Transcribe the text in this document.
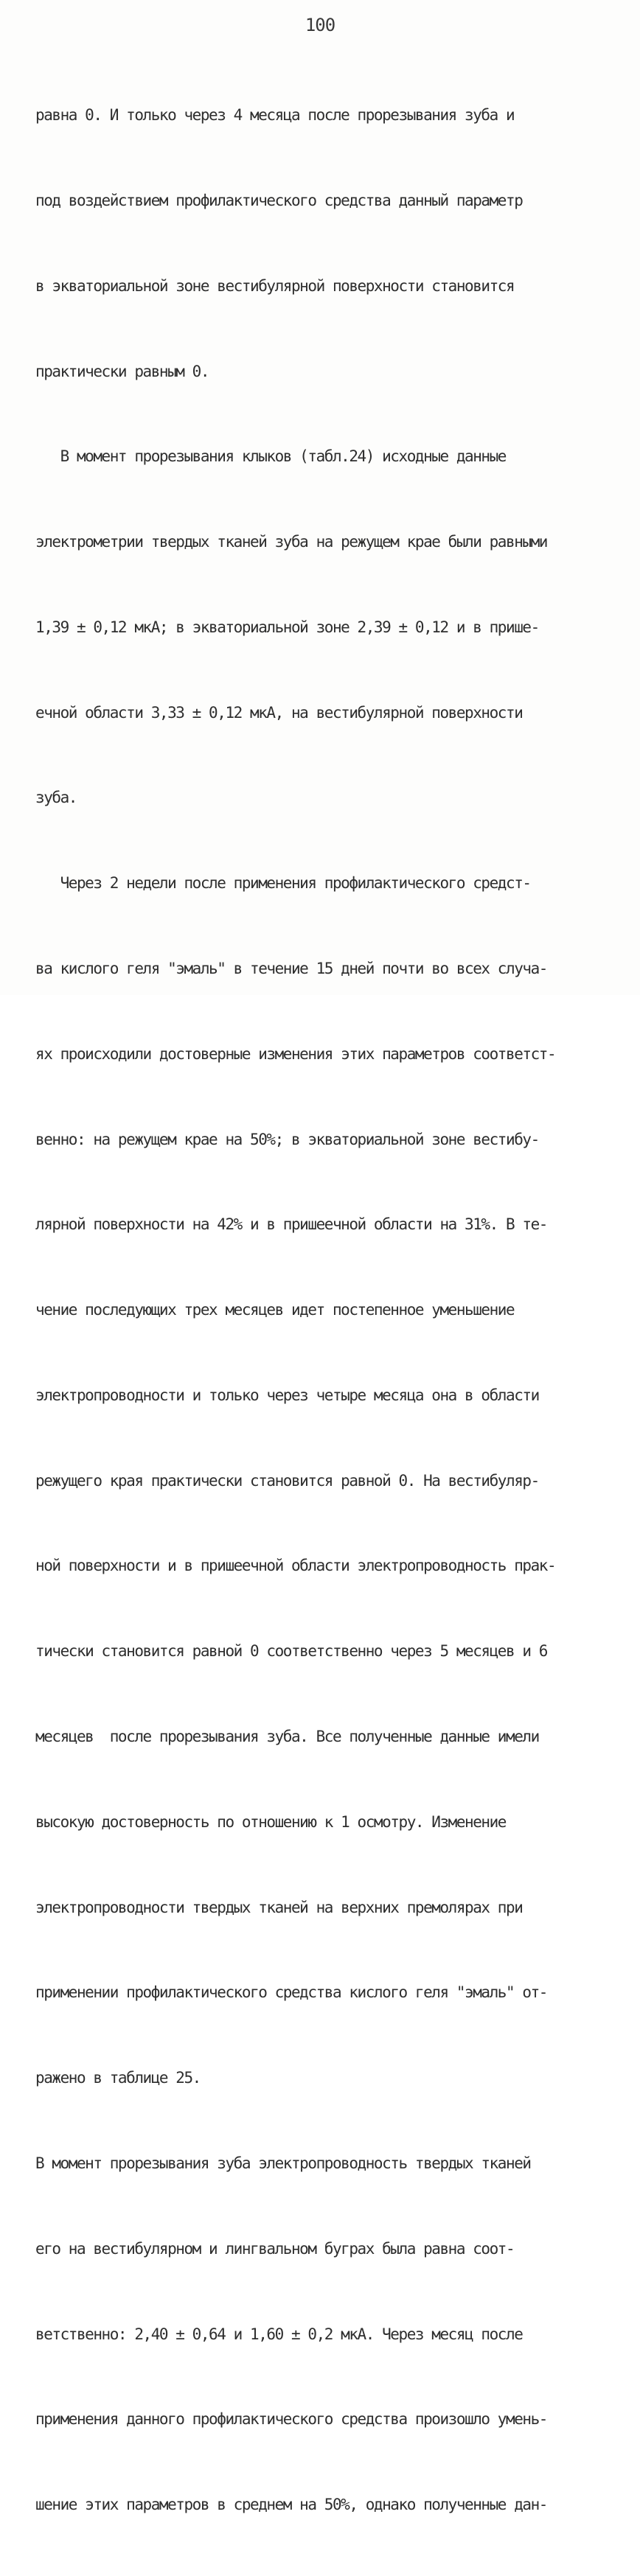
100

равна 0. И только через 4 месяца после прорезывания зуба и

под воздействием профилактического средства данный параметр

в экваториальной зоне вестибулярной поверхности становится

практически равным 0.

В момент прорезывания клыков (табл.24) исходные данные

электрометрии твердых тканей зуба на режущем крае были равными

1,39 ± 0,12 мкА; в экваториальной зоне 2,39 ± 0,12 и в прише-

ечной области 3,33 ± 0,12 мкА, на вестибулярной поверхности

зуба.

Через 2 недели после применения профилактического средст-

ва кислого геля "эмаль" в течение 15 дней почти во всех случа-

ях происходили достоверные изменения этих параметров соответст-

венно: на режущем крае на 50%; в экваториальной зоне вестибу-

лярной поверхности на 42% и в пришеечной области на 31%. В те-

чение последующих трех месяцев идет постепенное уменьшение

электропроводности и только через четыре месяца она в области

режущего края практически становится равной 0. На вестибуляр-

ной поверхности и в пришеечной области электропроводность прак-

тически становится равной 0 соответственно через 5 месяцев и 6

месяцев  после прорезывания зуба. Все полученные данные имели

высокую достоверность по отношению к 1 осмотру. Изменение

электропроводности твердых тканей на верхних премолярах при

применении профилактического средства кислого геля "эмаль" от-

ражено в таблице 25.

В момент прорезывания зуба электропроводность твердых тканей

его на вестибулярном и лингвальном буграх была равна соот-

ветственно: 2,40 ± 0,64 и 1,60 ± 0,2 мкА. Через месяц после

применения данного профилактического средства произошло умень-

шение этих параметров в среднем на 50%, однако полученные дан-
